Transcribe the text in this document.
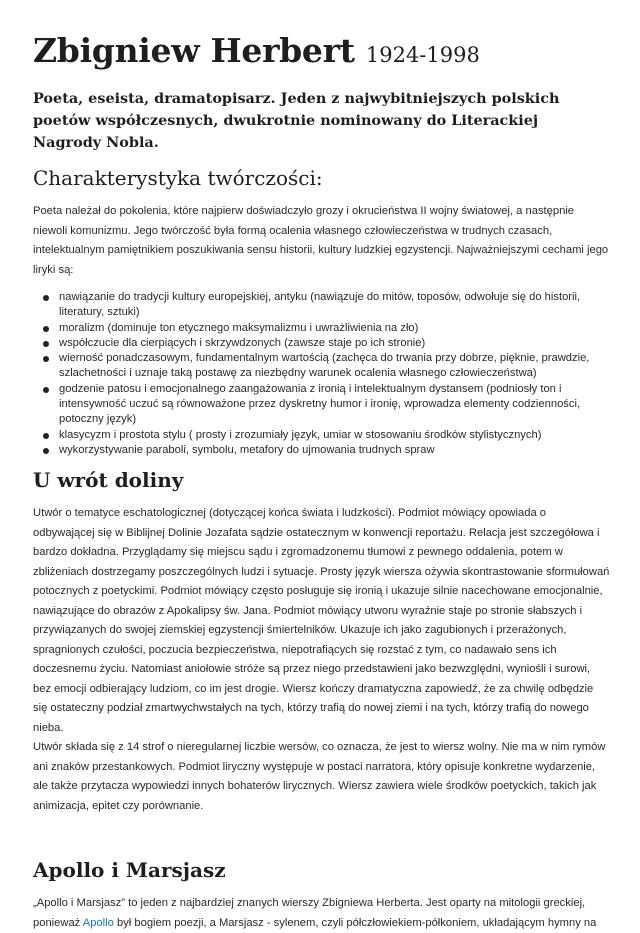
Zbigniew Herbert 1924-1998

Poeta, eseista, dramatopisarz. Jeden z najwybitniejszych polskich poetów współczesnych, dwukrotnie nominowany do Literackiej Nagrody Nobla.

Charakterystyka twórczości:

Poeta należał do pokolenia, które najpierw doświadczyło grozy i okrucieństwa II wojny światowej, a następnie niewoli komunizmu. Jego twórczość była formą ocalenia własnego człowieczeństwa w trudnych czasach, intelektualnym pamiętnikiem poszukiwania sensu historii, kultury ludzkiej egzystencji. Najważniejszymi cechami jego liryki są:

nawiązanie do tradycji kultury europejskiej, antyku (nawiązuje do mitów, toposów, odwołuje się do historii, literatury, sztuki)
moralizm (dominuje ton etycznego maksymalizmu i uwrażliwienia na zło)
współczucie dla cierpiących i skrzywdzonych (zawsze staje po ich stronie)
wierność ponadczasowym, fundamentalnym wartością (zachęca do trwania przy dobrze, pięknie, prawdzie, szlachetności i uznaje taką postawę za niezbędny warunek ocalenia własnego człowieczeństwa)
godzenie patosu i emocjonalnego zaangażowania z ironią i intelektualnym dystansem (podniosły ton i intensywność uczuć są równoważone przez dyskretny humor i ironię, wprowadza elementy codzienności, potoczny język)
klasycyzm i prostota stylu ( prosty i zrozumiały język, umiar w stosowaniu środków stylistycznych)
wykorzystywanie paraboli, symbolu, metafory do ujmowania trudnych spraw
U wrót doliny

Utwór o tematyce eschatologicznej (dotyczącej końca świata i ludzkości). Podmiot mówiący opowiada o odbywającej się w Biblijnej Dolinie Jozafata sądzie ostatecznym w konwencji reportażu. Relacja jest szczegółowa i bardzo dokładna. Przyglądamy się miejscu sądu i zgromadzonemu tłumowi z pewnego oddalenia, potem w zbliżeniach dostrzegamy poszczególnych ludzi i sytuacje. Prosty język wiersza ożywia skontrastowanie sformułowań potocznych z poetyckimi. Podmiot mówiący często posługuje się ironią i ukazuje silnie nacechowane emocjonalnie, nawiązujące do obrazów z Apokalipsy św. Jana. Podmiot mówiący utworu wyraźnie staje po stronie słabszych i przywiązanych do swojej ziemskiej egzystencji śmiertelników. Ukazuje ich jako zagubionych i przerażonych, spragnionych czułości, poczucia bezpieczeństwa, niepotrafiących się rozstać z tym, co nadawało sens ich doczesnemu życiu. Natomiast aniołowie stróże są przez niego przedstawieni jako bezwzględni, wyniośli i surowi, bez emocji odbierający ludziom, co im jest drogie. Wiersz kończy dramatyczna zapowiedź, że za chwilę odbędzie się ostateczny podział zmartwychwstałych na tych, którzy trafią do nowej ziemi i na tych, którzy trafią do nowego nieba.

Utwór składa się z 14 strof o nieregularnej liczbie wersów, co oznacza, że jest to wiersz wolny. Nie ma w nim rymów ani znaków przestankowych. Podmiot liryczny występuje w postaci narratora, który opisuje konkretne wydarzenie, ale także przytacza wypowiedzi innych bohaterów lirycznych. Wiersz zawiera wiele środków poetyckich, takich jak animizacja, epitet czy porównanie.

Apollo i Marsjasz

„Apollo i Marsjasz” to jeden z najbardziej znanych wierszy Zbigniewa Herberta. Jest oparty na mitologii greckiej, ponieważ Apollo był bogiem poezji, a Marsjasz - sylenem, czyli półczłowiekiem-półkoniem, układającym hymny na
